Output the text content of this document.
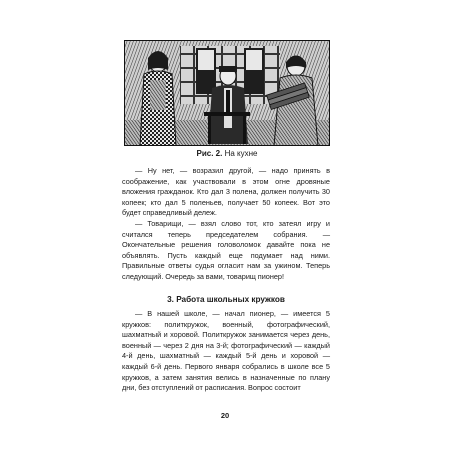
Рис. 2. На кухне

— Ну нет, — возразил другой, — надо принять в соображение, как участвовали в этом огне дровяные вложения гражданок. Кто дал 3 полена, должен получить 30 копеек; кто дал 5 поленьев, получает 50 копеек. Вот это будет справедливый дележ.

— Товарищи, — взял слово тот, кто затеял игру и считался теперь председателем собрания. — Окончательные решения головоломок давайте пока не объявлять. Пусть каждый еще подумает над ними. Правильные ответы судья огласит нам за ужином. Теперь следующий. Очередь за вами, товарищ пионер!

3. Работа школьных кружков

— В нашей школе, — начал пионер, — имеется 5 кружков: политкружок, военный, фотографический, шахматный и хоровой. Политкружок занимается через день, военный — через 2 дня на 3-й; фотографический — каждый 4-й день, шахматный — каждый 5-й день и хоровой — каждый 6-й день. Первого января собрались в школе все 5 кружков, а затем занятия велись в назначенные по плану дни, без отступлений от расписания. Вопрос состоит

20
